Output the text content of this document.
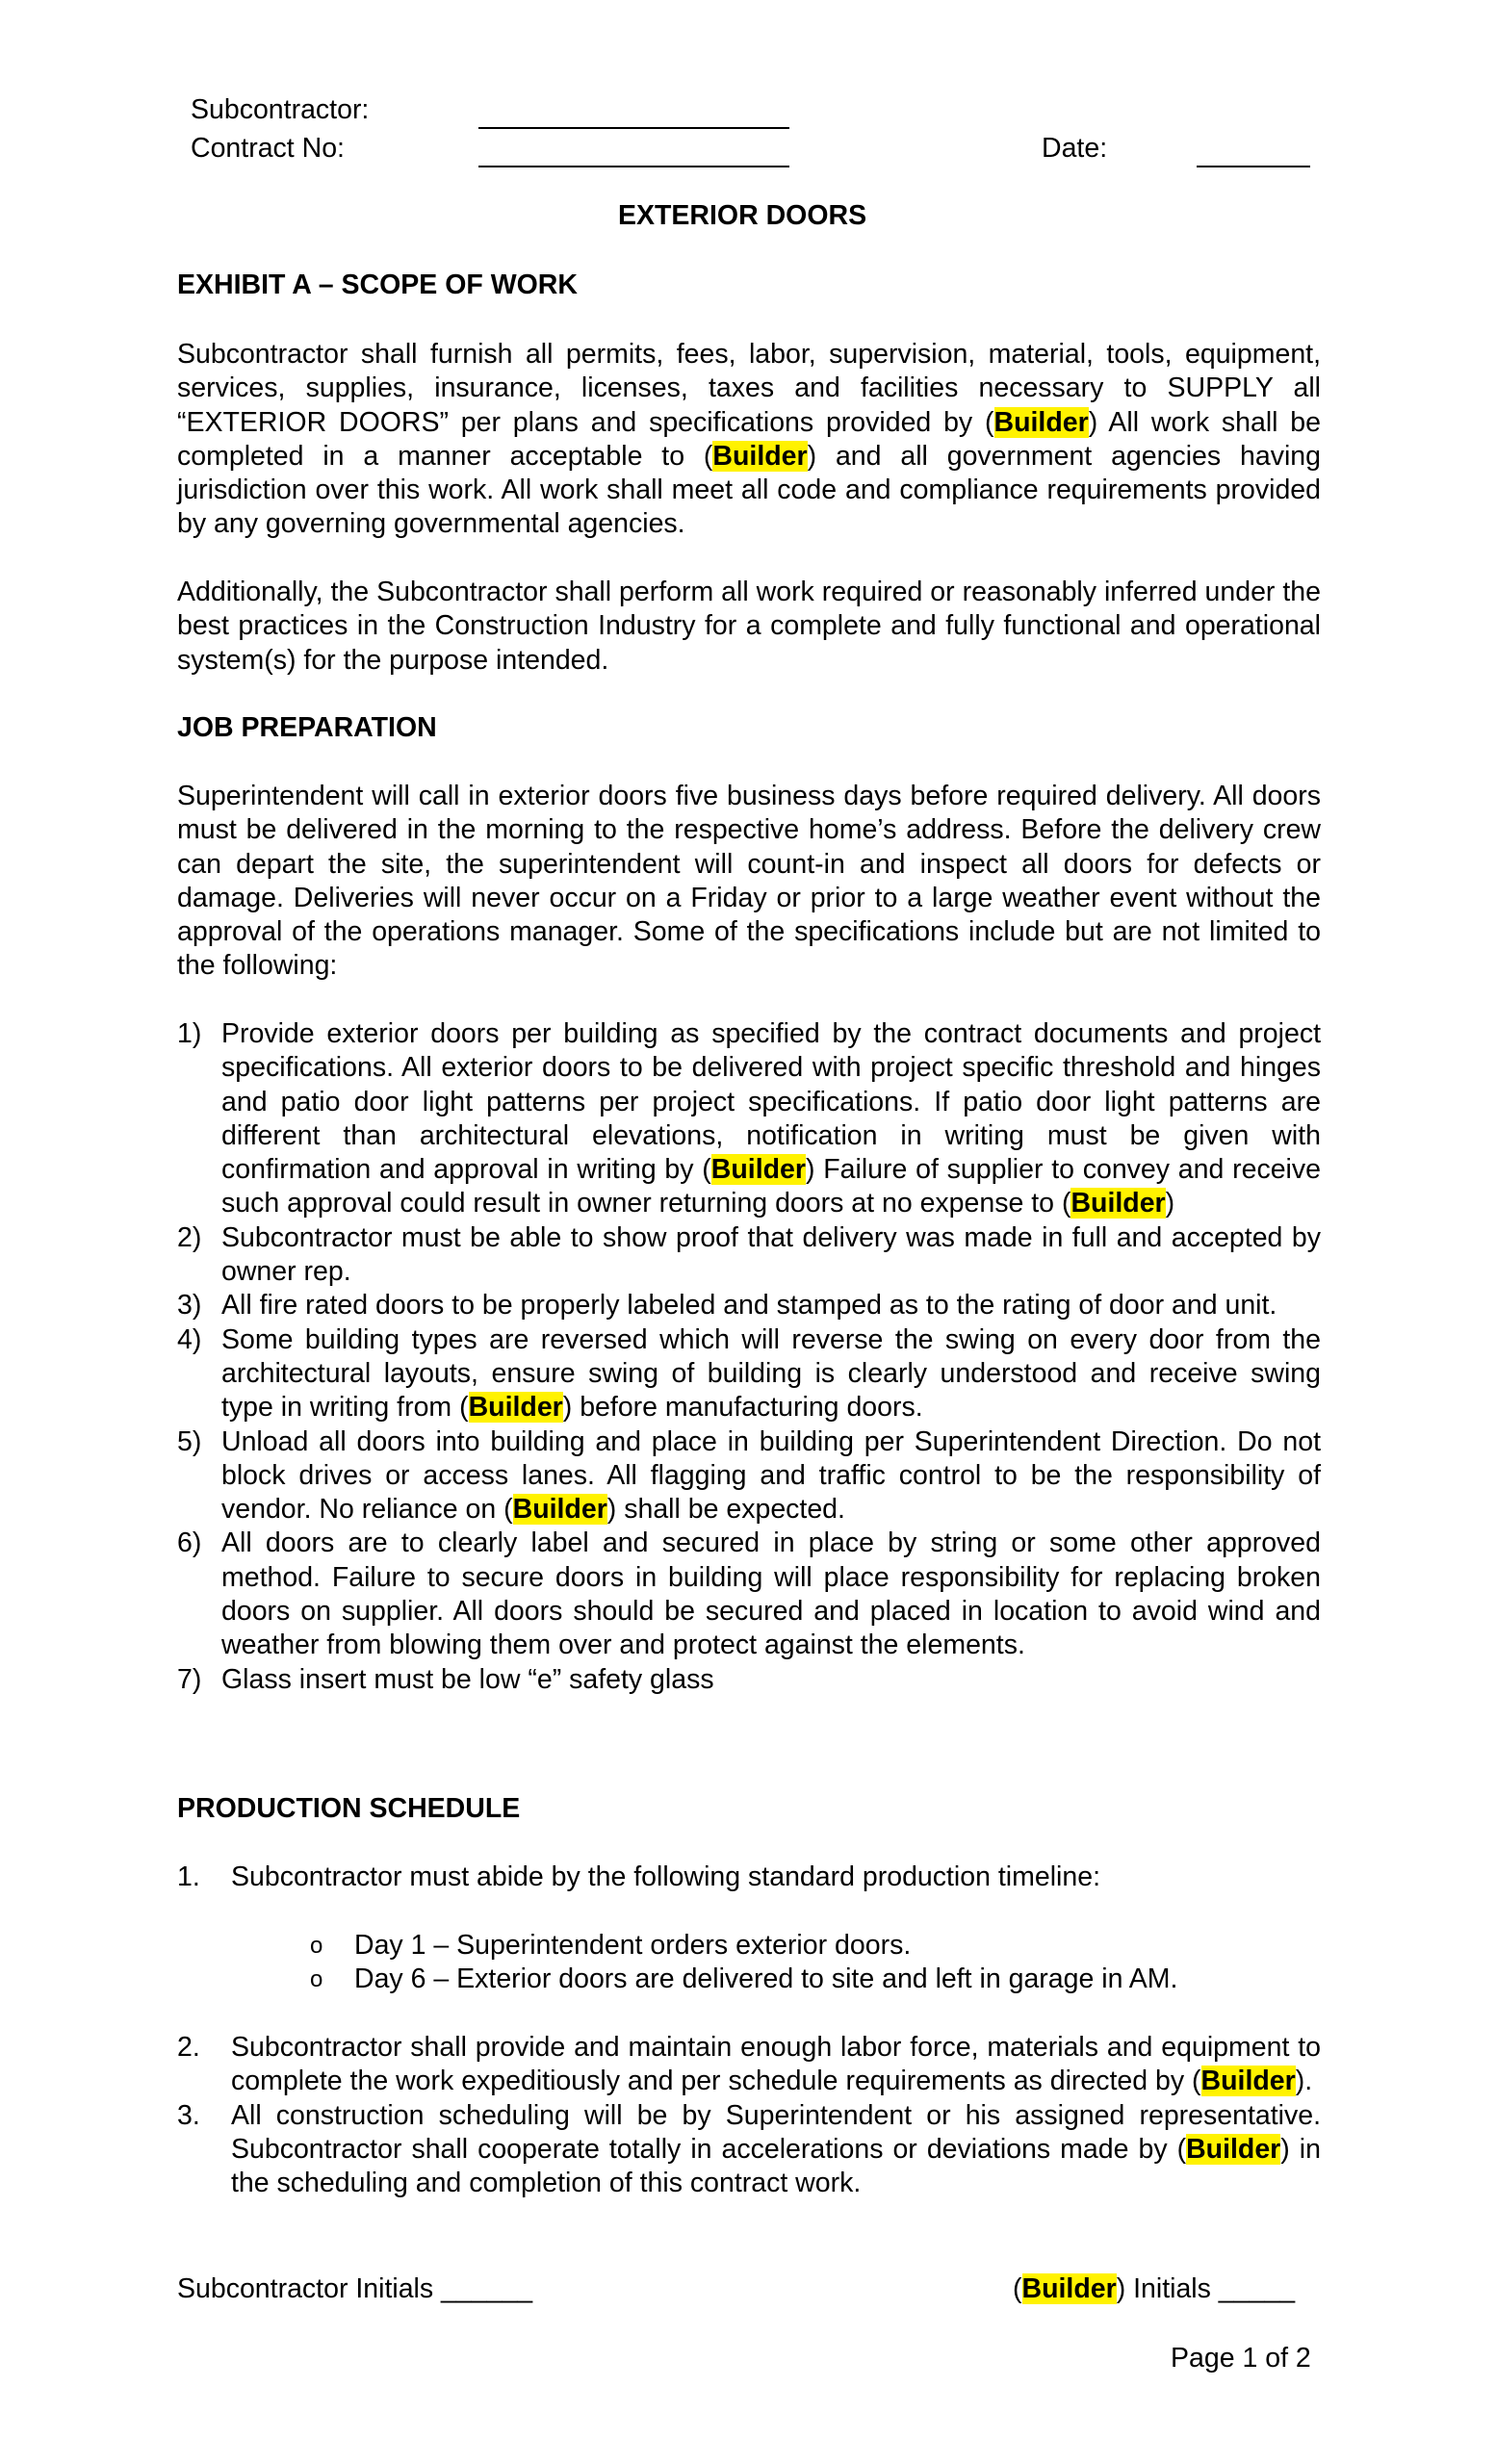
Subcontractor:
Contract No:	Date:
EXTERIOR DOORS
EXHIBIT A – SCOPE OF WORK
Subcontractor shall furnish all permits, fees, labor, supervision, material, tools, equipment, services, supplies, insurance, licenses, taxes and facilities necessary to SUPPLY all “EXTERIOR DOORS” per plans and specifications provided by (Builder) All work shall be completed in a manner acceptable to (Builder) and all government agencies having jurisdiction over this work. All work shall meet all code and compliance requirements provided by any governing governmental agencies.
Additionally, the Subcontractor shall perform all work required or reasonably inferred under the best practices in the Construction Industry for a complete and fully functional and operational system(s) for the purpose intended.
JOB PREPARATION
Superintendent will call in exterior doors five business days before required delivery. All doors must be delivered in the morning to the respective home’s address. Before the delivery crew can depart the site, the superintendent will count-in and inspect all doors for defects or damage. Deliveries will never occur on a Friday or prior to a large weather event without the approval of the operations manager. Some of the specifications include but are not limited to the following:
1) Provide exterior doors per building as specified by the contract documents and project specifications. All exterior doors to be delivered with project specific threshold and hinges and patio door light patterns per project specifications. If patio door light patterns are different than architectural elevations, notification in writing must be given with confirmation and approval in writing by (Builder) Failure of supplier to convey and receive such approval could result in owner returning doors at no expense to (Builder)
2) Subcontractor must be able to show proof that delivery was made in full and accepted by owner rep.
3) All fire rated doors to be properly labeled and stamped as to the rating of door and unit.
4) Some building types are reversed which will reverse the swing on every door from the architectural layouts, ensure swing of building is clearly understood and receive swing type in writing from (Builder) before manufacturing doors.
5) Unload all doors into building and place in building per Superintendent Direction. Do not block drives or access lanes. All flagging and traffic control to be the responsibility of vendor. No reliance on (Builder) shall be expected.
6) All doors are to clearly label and secured in place by string or some other approved method. Failure to secure doors in building will place responsibility for replacing broken doors on supplier. All doors should be secured and placed in location to avoid wind and weather from blowing them over and protect against the elements.
7) Glass insert must be low “e” safety glass
PRODUCTION SCHEDULE
1. Subcontractor must abide by the following standard production timeline:
o Day 1 – Superintendent orders exterior doors.
o Day 6 – Exterior doors are delivered to site and left in garage in AM.
2. Subcontractor shall provide and maintain enough labor force, materials and equipment to complete the work expeditiously and per schedule requirements as directed by (Builder).
3. All construction scheduling will be by Superintendent or his assigned representative. Subcontractor shall cooperate totally in accelerations or deviations made by (Builder) in the scheduling and completion of this contract work.
Subcontractor Initials ______	(Builder) Initials _____
Page 1 of 2
